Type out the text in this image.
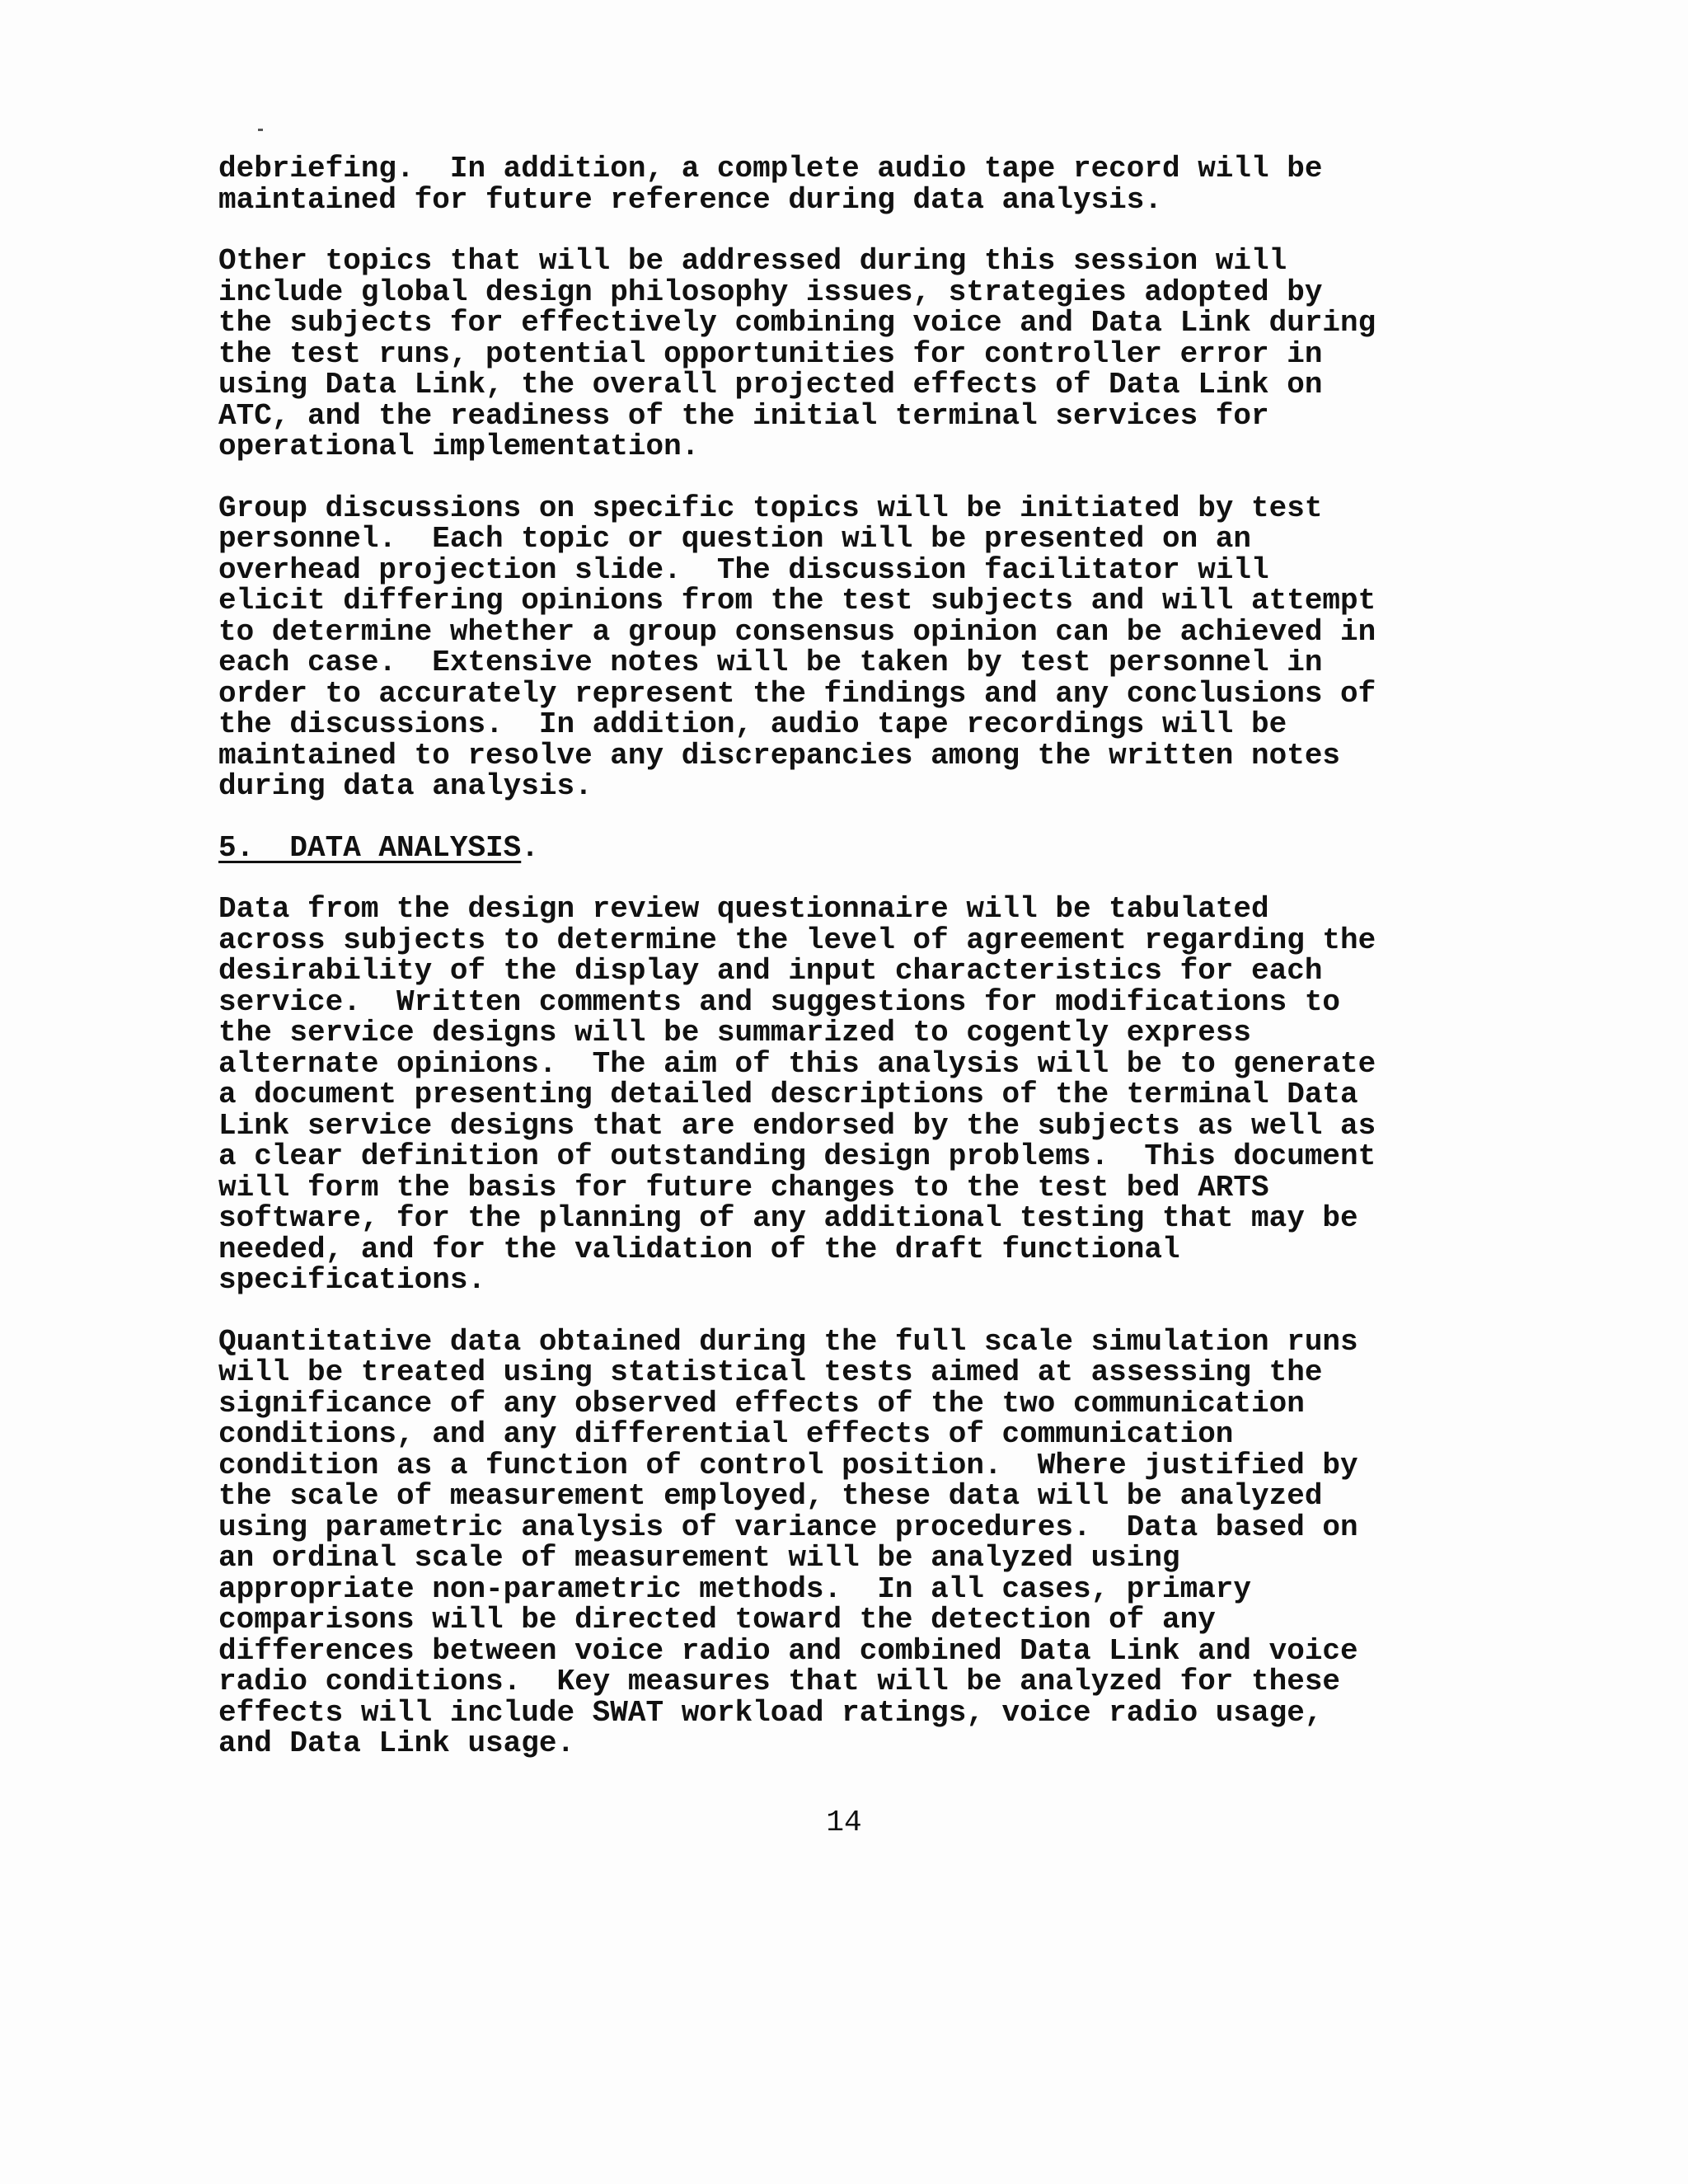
debriefing.  In addition, a complete audio tape record will be
maintained for future reference during data analysis.

Other topics that will be addressed during this session will
include global design philosophy issues, strategies adopted by
the subjects for effectively combining voice and Data Link during
the test runs, potential opportunities for controller error in
using Data Link, the overall projected effects of Data Link on
ATC, and the readiness of the initial terminal services for
operational implementation.

Group discussions on specific topics will be initiated by test
personnel.  Each topic or question will be presented on an
overhead projection slide.  The discussion facilitator will
elicit differing opinions from the test subjects and will attempt
to determine whether a group consensus opinion can be achieved in
each case.  Extensive notes will be taken by test personnel in
order to accurately represent the findings and any conclusions of
the discussions.  In addition, audio tape recordings will be
maintained to resolve any discrepancies among the written notes
during data analysis.

5.  DATA ANALYSIS.

Data from the design review questionnaire will be tabulated
across subjects to determine the level of agreement regarding the
desirability of the display and input characteristics for each
service.  Written comments and suggestions for modifications to
the service designs will be summarized to cogently express
alternate opinions.  The aim of this analysis will be to generate
a document presenting detailed descriptions of the terminal Data
Link service designs that are endorsed by the subjects as well as
a clear definition of outstanding design problems.  This document
will form the basis for future changes to the test bed ARTS
software, for the planning of any additional testing that may be
needed, and for the validation of the draft functional
specifications.

Quantitative data obtained during the full scale simulation runs
will be treated using statistical tests aimed at assessing the
significance of any observed effects of the two communication
conditions, and any differential effects of communication
condition as a function of control position.  Where justified by
the scale of measurement employed, these data will be analyzed
using parametric analysis of variance procedures.  Data based on
an ordinal scale of measurement will be analyzed using
appropriate non-parametric methods.  In all cases, primary
comparisons will be directed toward the detection of any
differences between voice radio and combined Data Link and voice
radio conditions.  Key measures that will be analyzed for these
effects will include SWAT workload ratings, voice radio usage,
and Data Link usage.

14
